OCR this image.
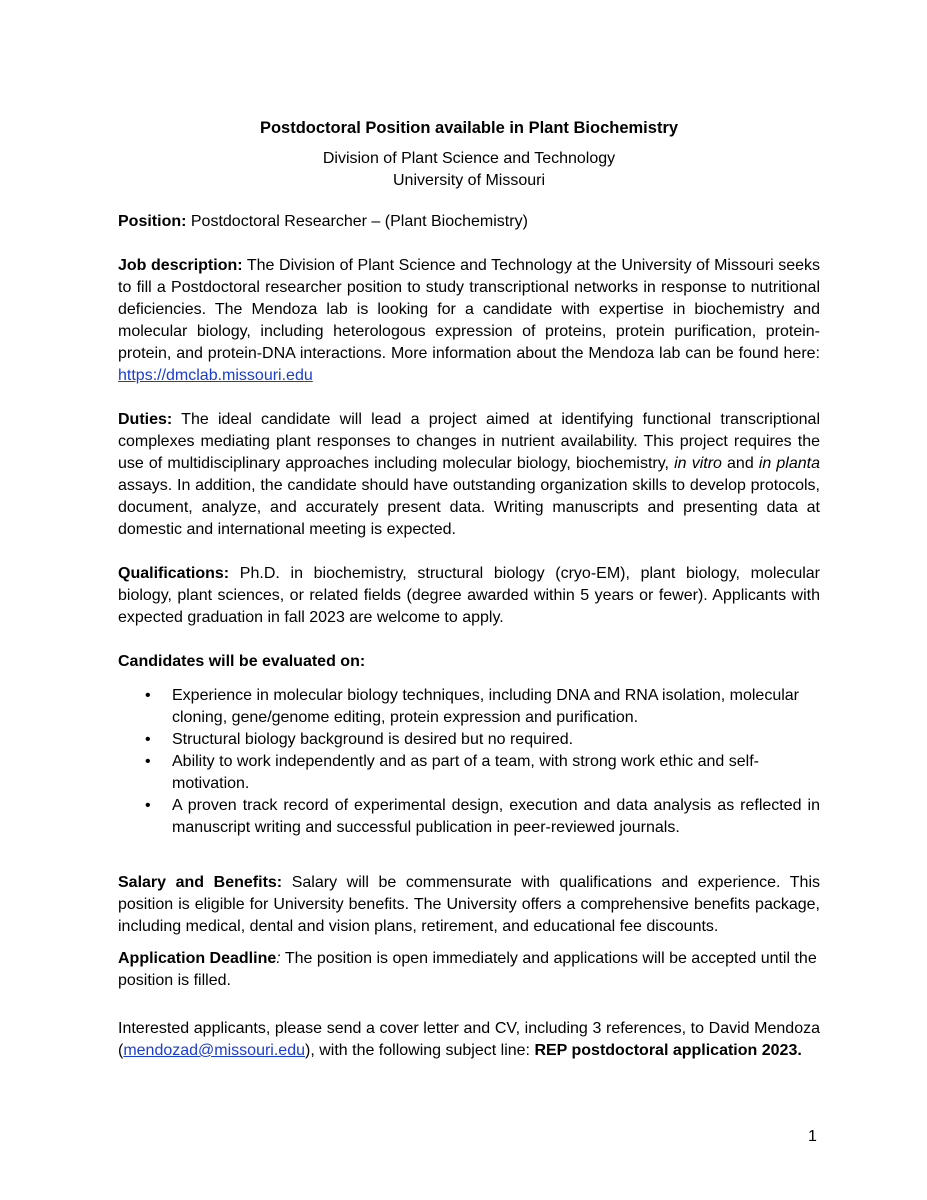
Postdoctoral Position available in Plant Biochemistry

Division of Plant Science and Technology

University of Missouri

Position: Postdoctoral Researcher – (Plant Biochemistry)

Job description: The Division of Plant Science and Technology at the University of Missouri seeks to fill a Postdoctoral researcher position to study transcriptional networks in response to nutritional deficiencies. The Mendoza lab is looking for a candidate with expertise in biochemistry and molecular biology, including heterologous expression of proteins, protein purification, protein-protein, and protein-DNA interactions. More information about the Mendoza lab can be found here: https://dmclab.missouri.edu

Duties: The ideal candidate will lead a project aimed at identifying functional transcriptional complexes mediating plant responses to changes in nutrient availability. This project requires the use of multidisciplinary approaches including molecular biology, biochemistry, in vitro and in planta assays. In addition, the candidate should have outstanding organization skills to develop protocols, document, analyze, and accurately present data. Writing manuscripts and presenting data at domestic and international meeting is expected.

Qualifications: Ph.D. in biochemistry, structural biology (cryo-EM), plant biology, molecular biology, plant sciences, or related fields (degree awarded within 5 years or fewer). Applicants with expected graduation in fall 2023 are welcome to apply.

Candidates will be evaluated on:

• Experience in molecular biology techniques, including DNA and RNA isolation, molecular cloning, gene/genome editing, protein expression and purification.
• Structural biology background is desired but no required.
• Ability to work independently and as part of a team, with strong work ethic and self-motivation.
• A proven track record of experimental design, execution and data analysis as reflected in manuscript writing and successful publication in peer-reviewed journals.

Salary and Benefits: Salary will be commensurate with qualifications and experience. This position is eligible for University benefits. The University offers a comprehensive benefits package, including medical, dental and vision plans, retirement, and educational fee discounts.

Application Deadline: The position is open immediately and applications will be accepted until the position is filled.

Interested applicants, please send a cover letter and CV, including 3 references, to David Mendoza (mendozad@missouri.edu), with the following subject line: REP postdoctoral application 2023.

1
